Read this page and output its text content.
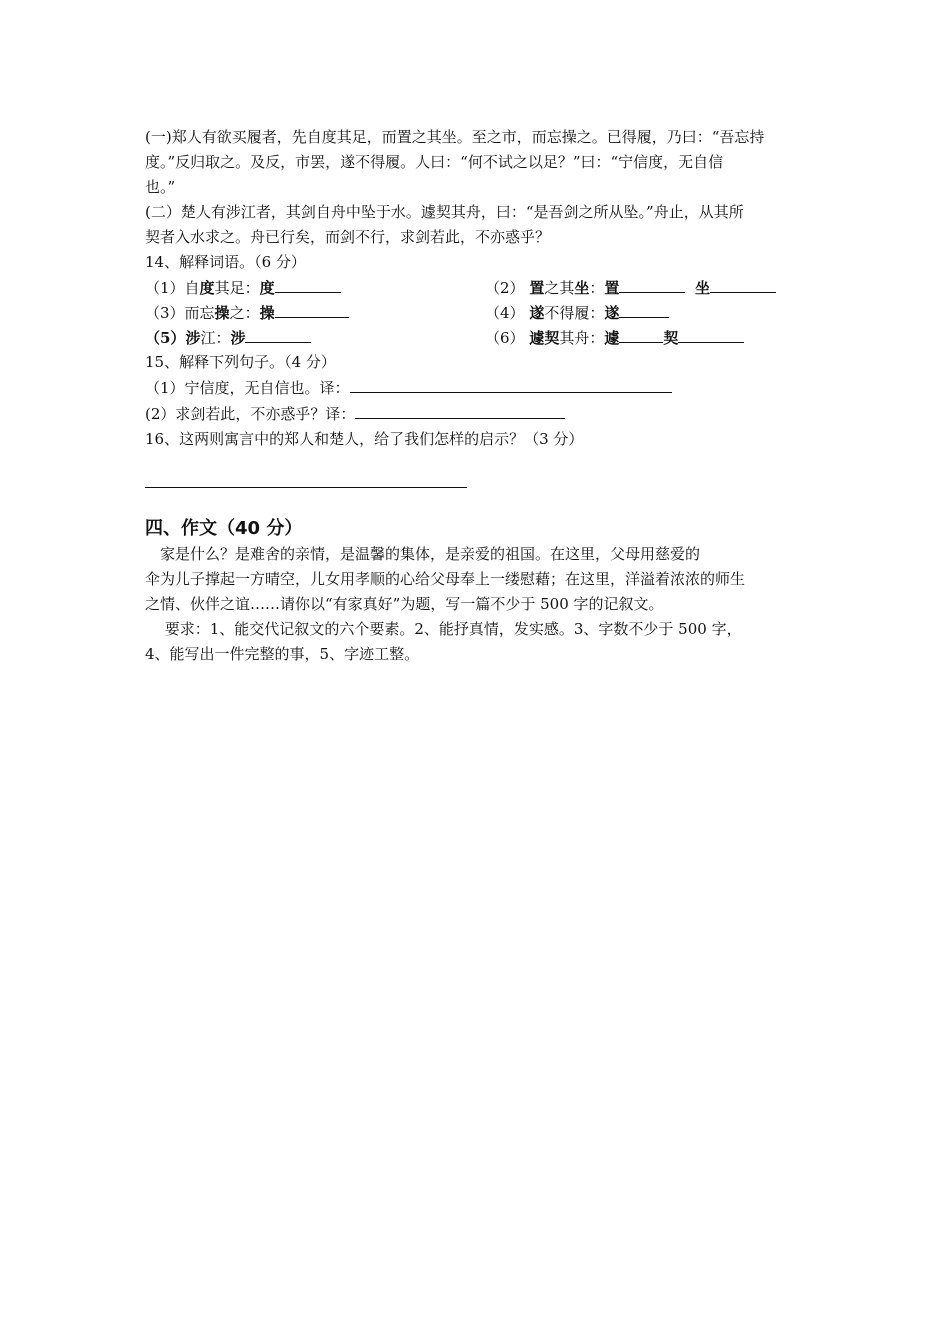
(一)郑人有欲买履者，先自度其足，而置之其坐。至之市，而忘操之。已得履，乃曰：“吾忘持
度。”反归取之。及反，市罢，遂不得履。人曰：“何不试之以足？”曰：“宁信度，无自信
也。”
(二）楚人有涉江者，其剑自舟中坠于水。遽契其舟，曰：“是吾剑之所从坠。”舟止，从其所
契者入水求之。舟已行矣，而剑不行，求剑若此，不亦惑乎？
14、解释词语。（6 分）
（1）自度其足：度	（2） 置之其坐：置	坐
（3）而忘操之：操	（4） 遂不得履：遂
（5）涉江：涉	（6） 遽契其舟：遽	契
15、解释下列句子。（4 分）
（1）宁信度，无自信也。译：
(2）求剑若此，不亦惑乎？译：
16、这两则寓言中的郑人和楚人，给了我们怎样的启示？（3 分）
四、作文（40 分）
　家是什么？是难舍的亲情，是温馨的集体，是亲爱的祖国。在这里，父母用慈爱的
伞为儿子撑起一方晴空，儿女用孝顺的心给父母奉上一缕慰藉；在这里，洋溢着浓浓的师生
之情、伙伴之谊……请你以“有家真好”为题，写一篇不少于 500 字的记叙文。
　 要求：1、能交代记叙文的六个要素。2、能抒真情，发实感。3、字数不少于 500 字，
4、能写出一件完整的事，5、字迹工整。
